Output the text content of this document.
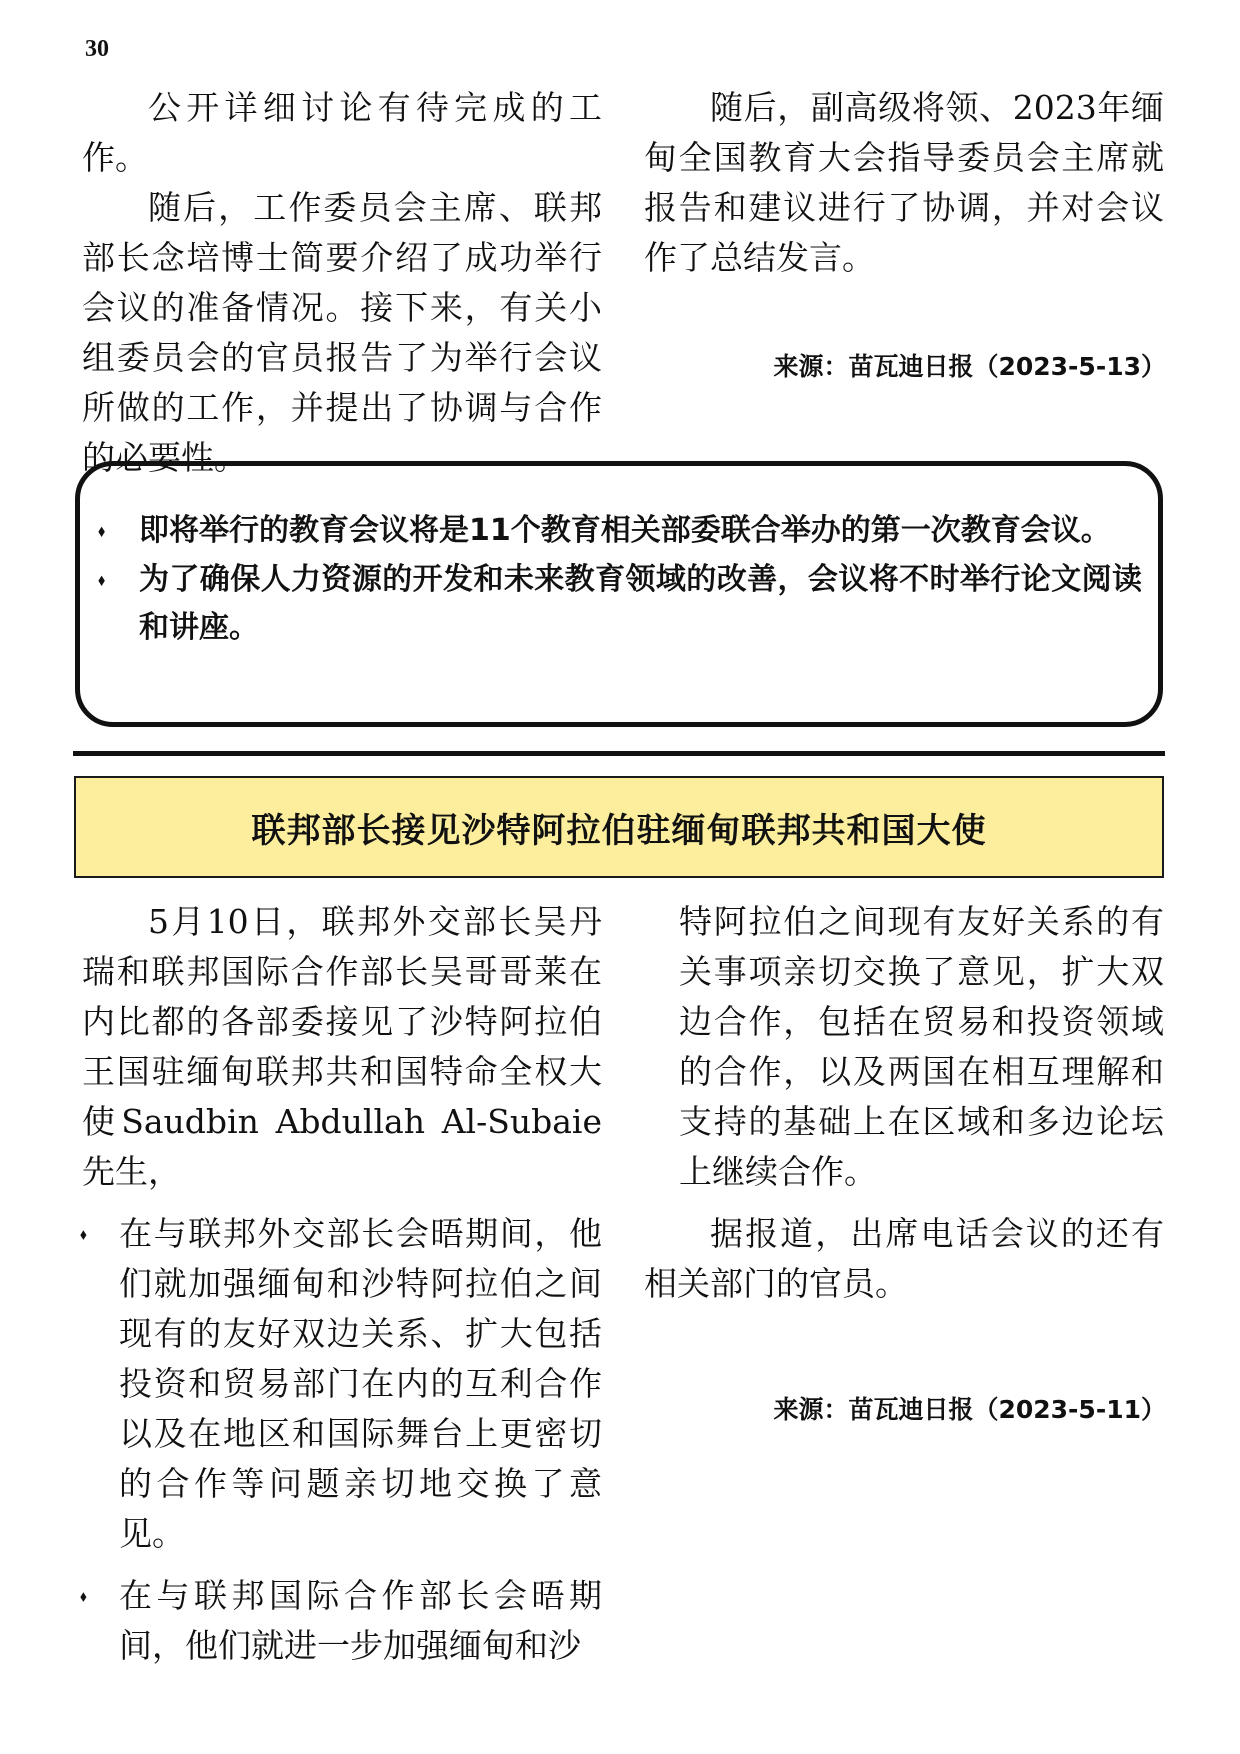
30

公开详细讨论有待完成的工作。

随后，工作委员会主席、联邦部长念培博士简要介绍了成功举行会议的准备情况。接下来，有关小组委员会的官员报告了为举行会议所做的工作，并提出了协调与合作的必要性。

随后，副高级将领、2023年缅甸全国教育大会指导委员会主席就报告和建议进行了协调，并对会议作了总结发言。

来源：苗瓦迪日报（2023-5-13）
⬧ 即将举行的教育会议将是11个教育相关部委联合举办的第一次教育会议。
⬧ 为了确保人力资源的开发和未来教育领域的改善，会议将不时举行论文阅读和讲座。
联邦部长接见沙特阿拉伯驻缅甸联邦共和国大使

5月10日，联邦外交部长吴丹瑞和联邦国际合作部长吴哥哥莱在内比都的各部委接见了沙特阿拉伯王国驻缅甸联邦共和国特命全权大使Saudbin Abdullah Al-Subaie先生，

⬧ 在与联邦外交部长会晤期间，他们就加强缅甸和沙特阿拉伯之间现有的友好双边关系、扩大包括投资和贸易部门在内的互利合作以及在地区和国际舞台上更密切的合作等问题亲切地交换了意见。
⬧ 在与联邦国际合作部长会晤期间，他们就进一步加强缅甸和沙

特阿拉伯之间现有友好关系的有关事项亲切交换了意见，扩大双边合作，包括在贸易和投资领域的合作，以及两国在相互理解和支持的基础上在区域和多边论坛上继续合作。

据报道，出席电话会议的还有相关部门的官员。

来源：苗瓦迪日报（2023-5-11）
